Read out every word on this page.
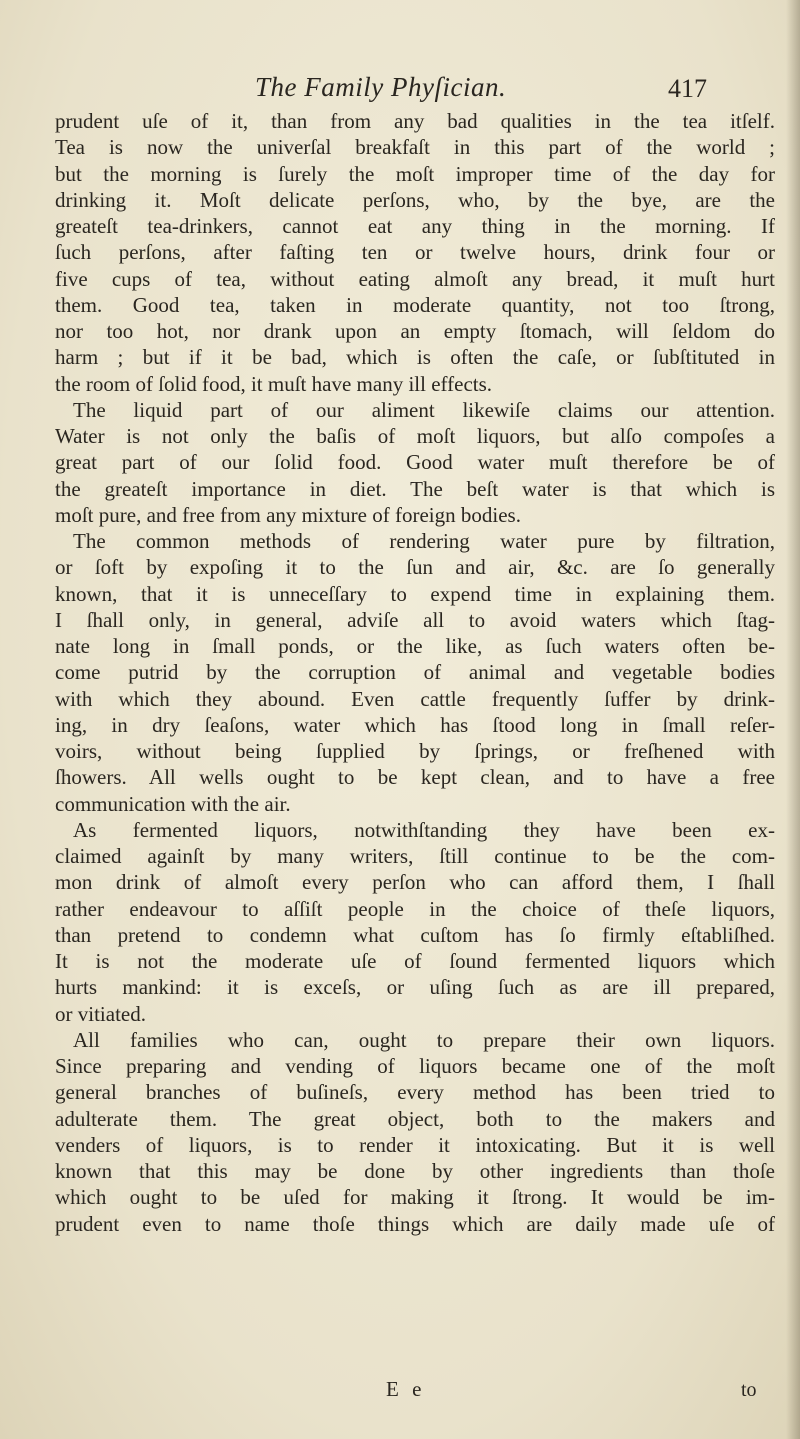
The Family Phyſician.	417
prudent uſe of it, than from any bad qualities in the tea itſelf.
Tea is now the univerſal breakfaſt in this part of the world ;
but the morning is ſurely the moſt improper time of the day for
drinking it. Moſt delicate perſons, who, by the bye, are the
greateſt tea-drinkers, cannot eat any thing in the morning. If
ſuch perſons, after faſting ten or twelve hours, drink four or
five cups of tea, without eating almoſt any bread, it muſt hurt
them. Good tea, taken in moderate quantity, not too ſtrong,
nor too hot, nor drank upon an empty ſtomach, will ſeldom do
harm ; but if it be bad, which is often the caſe, or ſubſtituted in
the room of ſolid food, it muſt have many ill effects.
The liquid part of our aliment likewiſe claims our attention.
Water is not only the baſis of moſt liquors, but alſo compoſes a
great part of our ſolid food. Good water muſt therefore be of
the greateſt importance in diet. The beſt water is that which is
moſt pure, and free from any mixture of foreign bodies.
The common methods of rendering water pure by filtration,
or ſoft by expoſing it to the ſun and air, &c. are ſo generally
known, that it is unneceſſary to expend time in explaining them.
I ſhall only, in general, adviſe all to avoid waters which ſtag-
nate long in ſmall ponds, or the like, as ſuch waters often be-
come putrid by the corruption of animal and vegetable bodies
with which they abound. Even cattle frequently ſuffer by drink-
ing, in dry ſeaſons, water which has ſtood long in ſmall reſer-
voirs, without being ſupplied by ſprings, or freſhened with
ſhowers. All wells ought to be kept clean, and to have a free
communication with the air.
As fermented liquors, notwithſtanding they have been ex-
claimed againſt by many writers, ſtill continue to be the com-
mon drink of almoſt every perſon who can afford them, I ſhall
rather endeavour to aſſiſt people in the choice of theſe liquors,
than pretend to condemn what cuſtom has ſo firmly eſtabliſhed.
It is not the moderate uſe of ſound fermented liquors which
hurts mankind: it is exceſs, or uſing ſuch as are ill prepared,
or vitiated.
All families who can, ought to prepare their own liquors.
Since preparing and vending of liquors became one of the moſt
general branches of buſineſs, every method has been tried to
adulterate them. The great object, both to the makers and
venders of liquors, is to render it intoxicating. But it is well
known that this may be done by other ingredients than thoſe
which ought to be uſed for making it ſtrong. It would be im-
prudent even to name thoſe things which are daily made uſe of
E e	to
